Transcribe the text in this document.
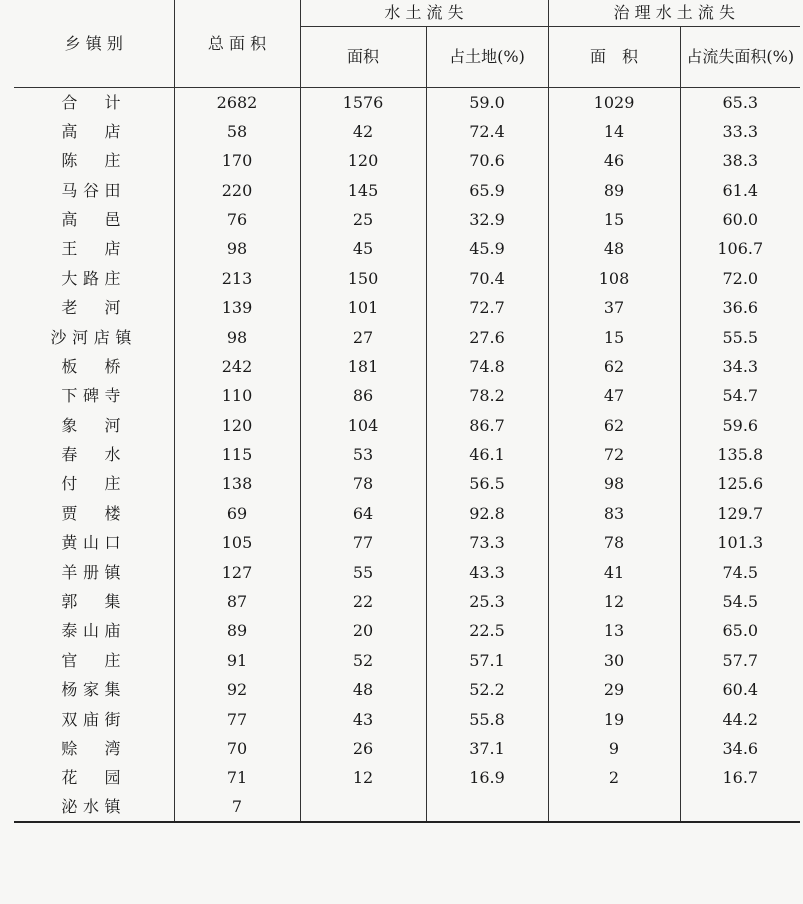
乡 镇 别	总 面 积	水 土 流 失		治 理 水 土 流 失	
		面积	占土地(%)	面　积	占流失面积(%)
合　计	2682	1576	59.0	1029	65.3
高　店	58	42	72.4	14	33.3
陈　庄	170	120	70.6	46	38.3
马谷田	220	145	65.9	89	61.4
高　邑	76	25	32.9	15	60.0
王　店	98	45	45.9	48	106.7
大路庄	213	150	70.4	108	72.0
老　河	139	101	72.7	37	36.6
沙河店镇	98	27	27.6	15	55.5
板　桥	242	181	74.8	62	34.3
下碑寺	110	86	78.2	47	54.7
象　河	120	104	86.7	62	59.6
春　水	115	53	46.1	72	135.8
付　庄	138	78	56.5	98	125.6
贾　楼	69	64	92.8	83	129.7
黄山口	105	77	73.3	78	101.3
羊册镇	127	55	43.3	41	74.5
郭　集	87	22	25.3	12	54.5
泰山庙	89	20	22.5	13	65.0
官　庄	91	52	57.1	30	57.7
杨家集	92	48	52.2	29	60.4
双庙街	77	43	55.8	19	44.2
赊　湾	70	26	37.1	9	34.6
花　园	71	12	16.9	2	16.7
泌水镇	7				
